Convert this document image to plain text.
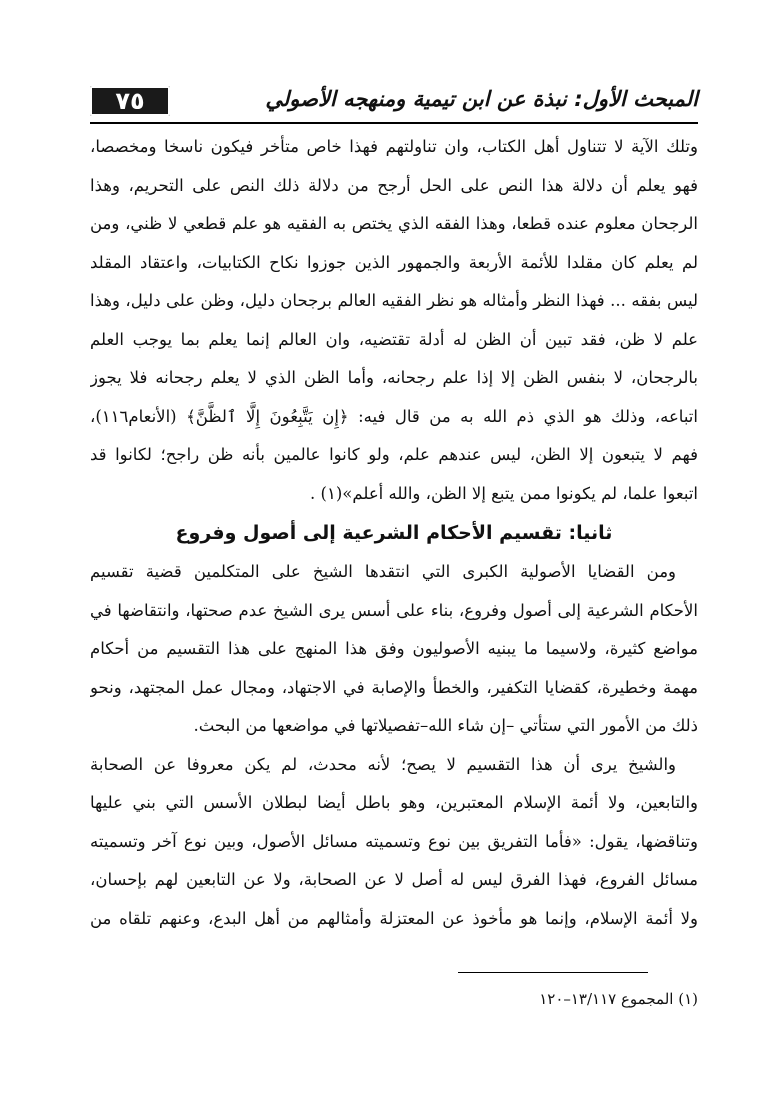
٧٥	المبحث الأول: نبذة عن ابن تيمية ومنهجه الأصولي

وتلك الآية لا تتناول أهل الكتاب، وان تناولتهم فهذا خاص متأخر فيكون ناسخا ومخصصا،
فهو يعلم أن دلالة هذا النص على الحل أرجح من دلالة ذلك النص على التحريم، وهذا
الرجحان معلوم عنده قطعا، وهذا الفقه الذي يختص به الفقيه هو علم قطعي لا ظني، ومن
لم يعلم كان مقلدا للأئمة الأربعة والجمهور الذين جوزوا نكاح الكتابيات، واعتقاد المقلد
ليس بفقه ... فهذا النظر وأمثاله هو نظر الفقيه العالم برجحان دليل، وظن على دليل، وهذا
علم لا ظن، فقد تبين أن الظن له أدلة تقتضيه، وان العالم إنما يعلم بما يوجب العلم
بالرجحان، لا بنفس الظن إلا إذا علم رجحانه، وأما الظن الذي لا يعلم رجحانه فلا يجوز
اتباعه، وذلك هو الذي ذم الله به من قال فيه: ﴿إِن يَتَّبِعُونَ إِلَّا ٱلظَّنَّ﴾ (الأنعام١١٦)،
فهم لا يتبعون إلا الظن، ليس عندهم علم، ولو كانوا عالمين بأنه ظن راجح؛ لكانوا قد
اتبعوا علما، لم يكونوا ممن يتبع إلا الظن، والله أعلم»(١) .

ثانيا: تقسيم الأحكام الشرعية إلى أصول وفروع

ومن القضايا الأصولية الكبرى التي انتقدها الشيخ على المتكلمين قضية تقسيم
الأحكام الشرعية إلى أصول وفروع، بناء على أسس يرى الشيخ عدم صحتها، وانتقاضها في
مواضع كثيرة، ولاسيما ما يبنيه الأصوليون وفق هذا المنهج على هذا التقسيم من أحكام
مهمة وخطيرة، كقضايا التكفير، والخطأ والإصابة في الاجتهاد، ومجال عمل المجتهد، ونحو
ذلك من الأمور التي ستأتي –إن شاء الله–تفصيلاتها في مواضعها من البحث.

والشيخ يرى أن هذا التقسيم لا يصح؛ لأنه محدث، لم يكن معروفا عن الصحابة
والتابعين، ولا أئمة الإسلام المعتبرين، وهو باطل أيضا لبطلان الأسس التي بني عليها
وتناقضها، يقول: «فأما التفريق بين نوع وتسميته مسائل الأصول، وبين نوع آخر وتسميته
مسائل الفروع، فهذا الفرق ليس له أصل لا عن الصحابة، ولا عن التابعين لهم بإحسان،
ولا أئمة الإسلام، وإنما هو مأخوذ عن المعتزلة وأمثالهم من أهل البدع، وعنهم تلقاه من

(١) المجموع ١٣/١١٧–١٢٠
